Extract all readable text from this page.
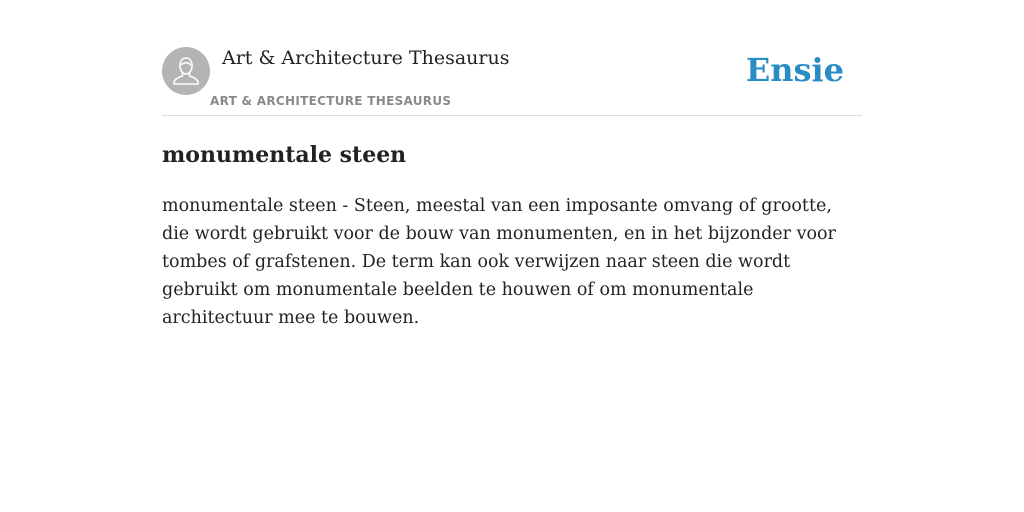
Art & Architecture Thesaurus
ART & ARCHITECTURE THESAURUS
Ensie
monumentale steen

monumentale steen - Steen, meestal van een imposante omvang of grootte, die wordt gebruikt voor de bouw van monumenten, en in het bijzonder voor tombes of grafstenen. De term kan ook verwijzen naar steen die wordt gebruikt om monumentale beelden te houwen of om monumentale architectuur mee te bouwen.
